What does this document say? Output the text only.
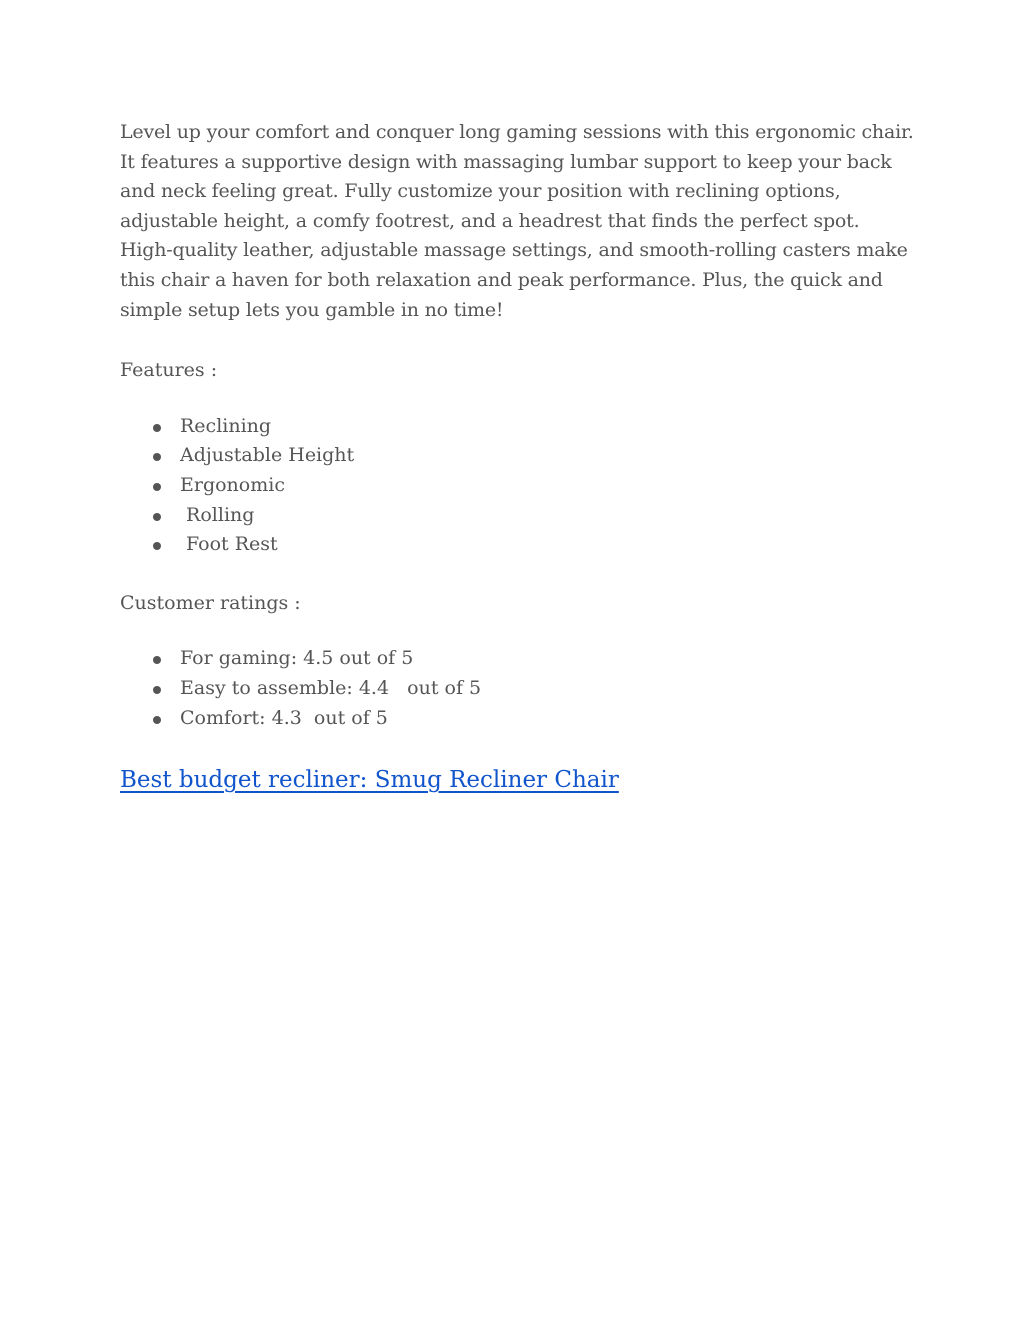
Level up your comfort and conquer long gaming sessions with this ergonomic chair.
It features a supportive design with massaging lumbar support to keep your back
and neck feeling great. Fully customize your position with reclining options,
adjustable height, a comfy footrest, and a headrest that finds the perfect spot.
High-quality leather, adjustable massage settings, and smooth-rolling casters make
this chair a haven for both relaxation and peak performance. Plus, the quick and
simple setup lets you gamble in no time!

Features :

Reclining
Adjustable Height
Ergonomic
Rolling
Foot Rest

Customer ratings :

For gaming: 4.5 out of 5
Easy to assemble: 4.4   out of 5
Comfort: 4.3  out of 5
Best budget recliner: Smug Recliner Chair
